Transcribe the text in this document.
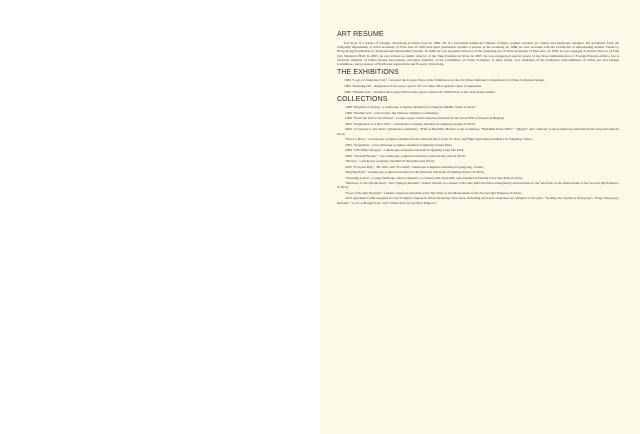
ART RESUME
Liu Siyei is a native of Yanggu, Shandong province born in 1960. He is a renowned American Chinese sculptor, painter, modern art curator and landscape designer. He graduated from the Sculpting Department of Xi'an Academy of Fine Arts in 1983 and upon graduation became a teacher at the academy. In 1988, he was awarded with the Certificate of Outstanding Artistic Talent by Hong Kong Foundation for International Outstanding Talents. In 1990, he was appointed director of the Sculpting Art of Xi'an Academy of Fine Arts. In 1993, he was engaged as artistic director of Tian City Memorial Hall. In 2003, he was invited as artistic director of the Tang Paradise in Xi'an. In 2007, he was engaged as special expert of the State Administration of Foreign Experts Affairs. Liu is currently member of China Artists Association, executive member of the Committee of Urban Sculpture of West China, vice chairman of the Sculpture Subcommittee of China Art and Design Committee, and professor of Northwest Agriculture and Forestry University.
THE EXHIBITIONS
1984 "Logo of Xianyang City", awarded the Copper Prize at the Exhibition on the 1st China National Competition for Urban Sculpture Design.
1985 "Running On", designated as the prize cup for the 1st China Photography Open Competition.
1990 "Shuttlecock", awarded the Copper Prize at the Sports-related Art Exhibition of the 11th Asian Games.
COLLECTIONS
1988 "Rhythm of Spring", a landscape sculpture installed in Chang'an Middle Street in Xi'an;
1990 "Shuttlecock", collected by the Chinese Olympic Committee;
1990 "From the Past to the Future", a large copper relief sculpture installed in the Great Hall of People in Beijing;
2003 "Inspiration on Life Circle", a landscape sculpture installed in Qujiang Avenue in Xi'an;
2004 "A Journey to the West" (landscape sculpture), "Print of Buddha's Hands" (cute sculpture), "Buddhist Stone Pillar", "Qingxi" and "Abacus" (cute sculptures), installed in the Tang Paradise in Xi'an;
"Furrow Plow", a landscape sculpture installed in the National Pilot Zone for New and High Agricultural Industry in Yangling, China;
2005 "Serendkin", cute landscape sculpture installed at Qujiang Ocean Park;
2008 "Old White Dragon", a landscape sculpture installed in Qujiang Lake Site Park;
2009 "Ancient Beauty", cute landscape sculpture installed at Wenchang Gate in Xi'an;
"Mouse", a landscape sculpture installed in Yuan Road in Xi'an;
2010 "Forgone Bag", "Bo Zhu" and "Football", landscape sculptures installed in Qingyang, Gansu;
"Playing Polo": a landscape sculpture installed in the National Site Park of Daming Palace in Xi'an;
"Stunning Leave", a large landscape relief sculpture co-created with Chen Min and installed at Huaxia Cave Site Park in Xi'an;
"Memory of the Qin Dynasty" and "Qingqu Incident", indoor murals co-created with Chen Min and Zhou Zhengxiang and installed in the Site Park of the Mausoleum of the Second Qin Emperor in Xi'an;
"Soul of the Qin Dynasty": a theme sculpture installed at the Site Park of the Mausoleum of the Second Qin Emperor in Xi'an;
2013 Appointed chief designer for the Sculpture Square in Xi'an-Xianyang New Area, including such new sculptures as "Origins of the Qin", "Setting the Capital in Xianyang", "King Xiaogong's Reform", "Love at Hongu Pass" and "Unification by the First Emperor"
